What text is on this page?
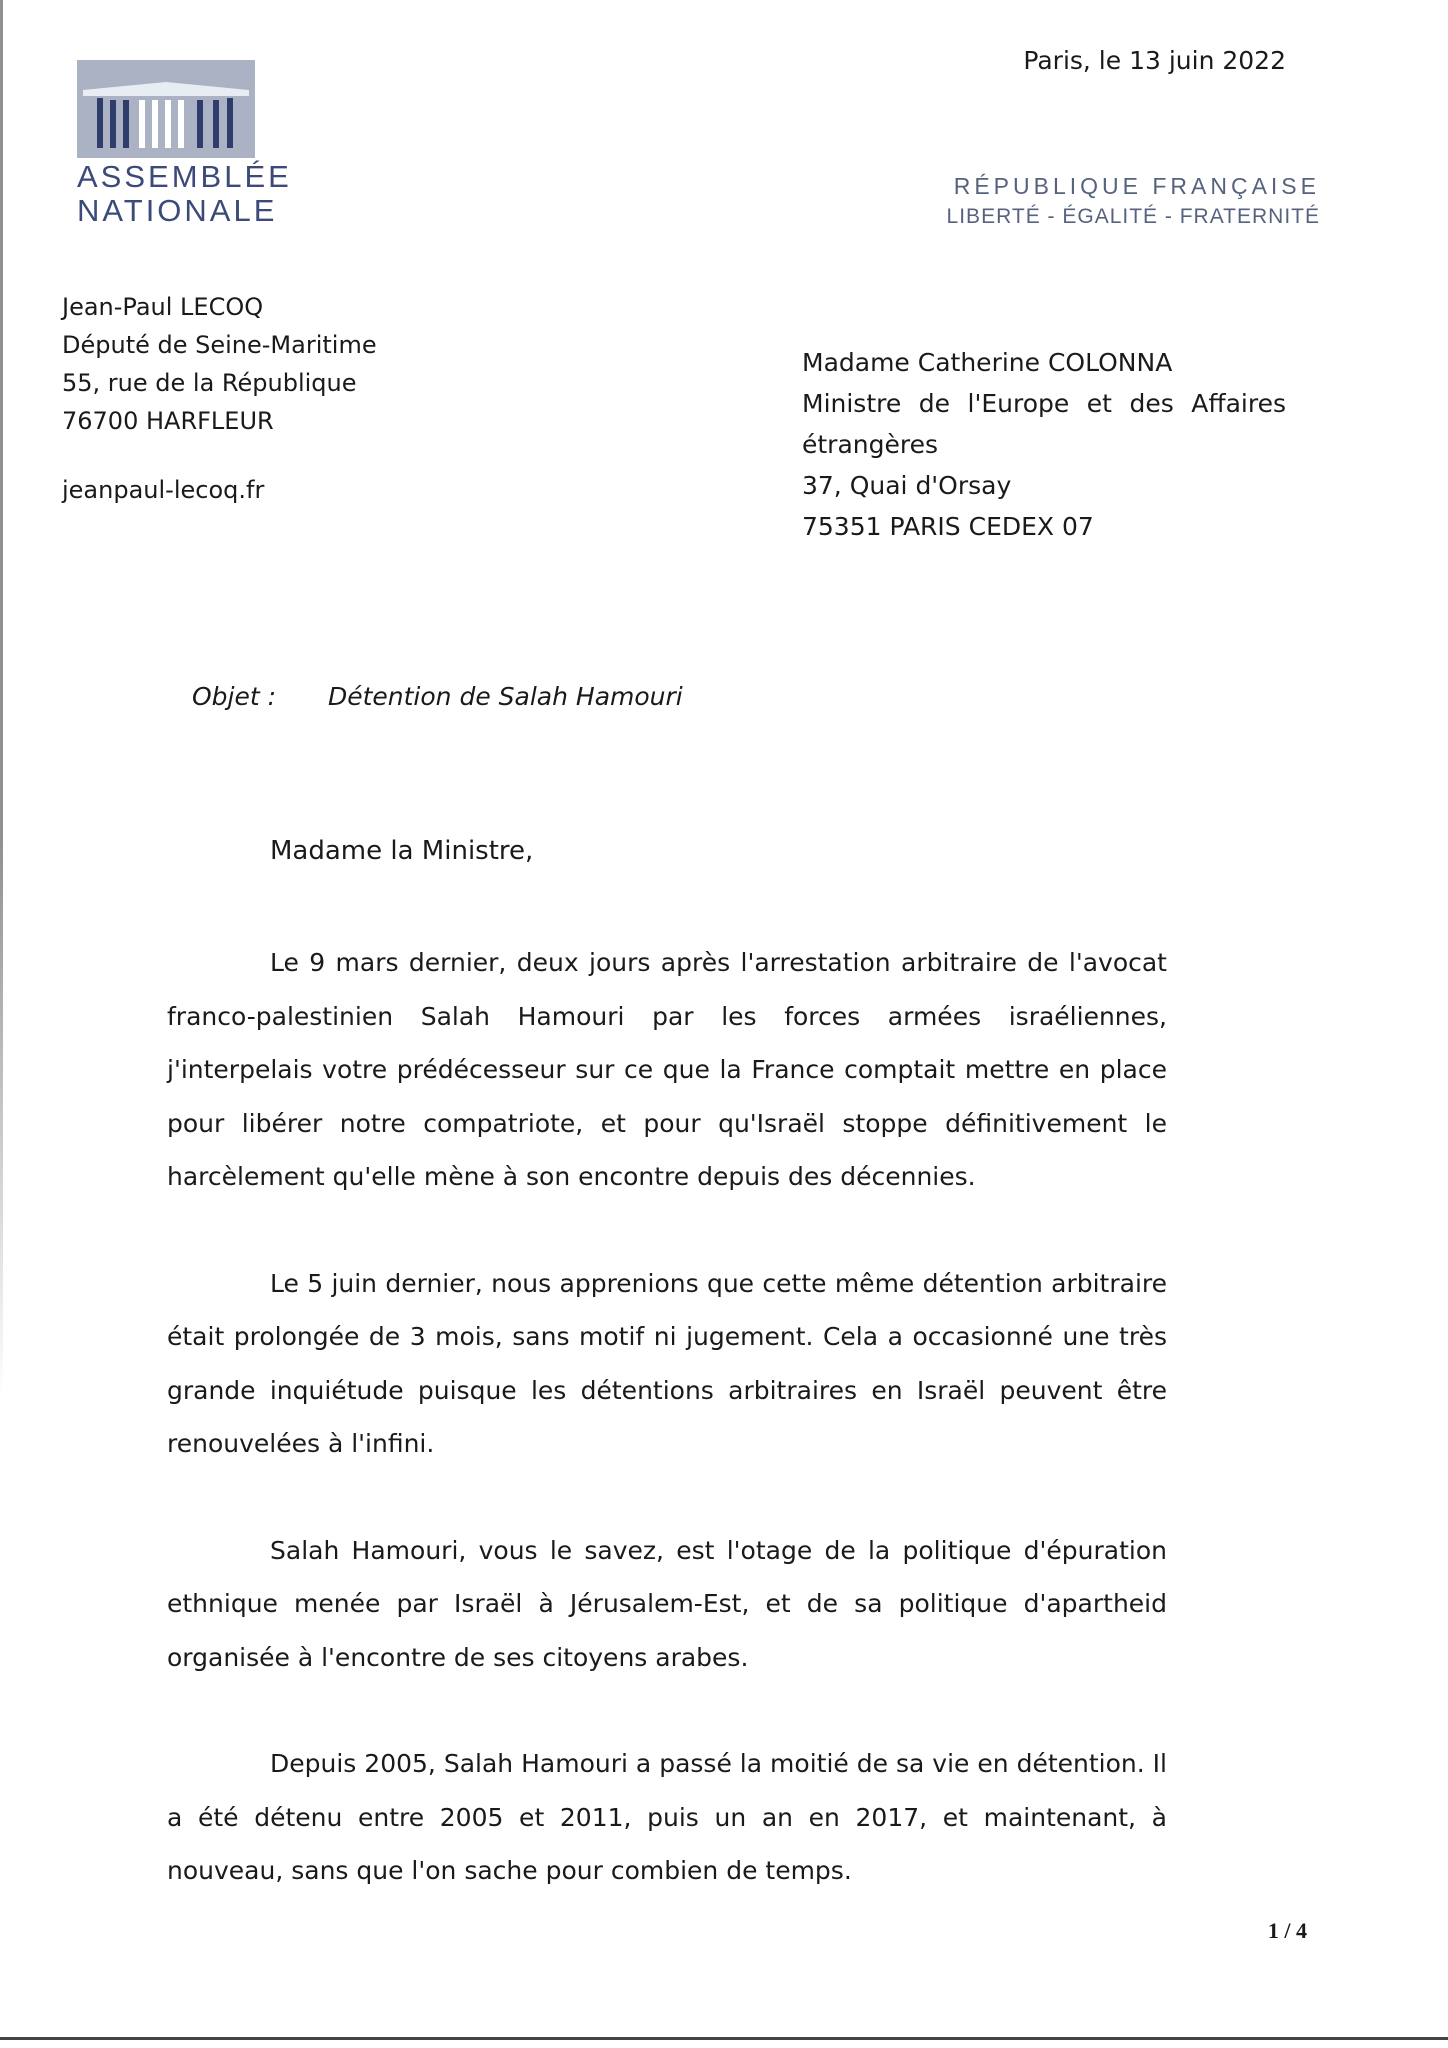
ASSEMBLÉE
NATIONALE
Paris, le 13 juin 2022
RÉPUBLIQUE FRANÇAISE
LIBERTÉ - ÉGALITÉ - FRATERNITÉ
Jean-Paul LECOQ
Député de Seine-Maritime
55, rue de la République
76700 HARFLEUR
jeanpaul-lecoq.fr
Madame Catherine COLONNA
Ministre de l'Europe et des Affaires
étrangères
37, Quai d'Orsay
75351 PARIS CEDEX 07
Objet : Détention de Salah Hamouri
Madame la Ministre,

Le 9 mars dernier, deux jours après l'arrestation arbitraire de l'avocat franco-palestinien Salah Hamouri par les forces armées israéliennes, j'interpelais votre prédécesseur sur ce que la France comptait mettre en place pour libérer notre compatriote, et pour qu'Israël stoppe définitivement le harcèlement qu'elle mène à son encontre depuis des décennies.

Le 5 juin dernier, nous apprenions que cette même détention arbitraire était prolongée de 3 mois, sans motif ni jugement. Cela a occasionné une très grande inquiétude puisque les détentions arbitraires en Israël peuvent être renouvelées à l'infini.

Salah Hamouri, vous le savez, est l'otage de la politique d'épuration ethnique menée par Israël à Jérusalem-Est, et de sa politique d'apartheid organisée à l'encontre de ses citoyens arabes.

Depuis 2005, Salah Hamouri a passé la moitié de sa vie en détention. Il a été détenu entre 2005 et 2011, puis un an en 2017, et maintenant, à nouveau, sans que l'on sache pour combien de temps.

1 / 4
